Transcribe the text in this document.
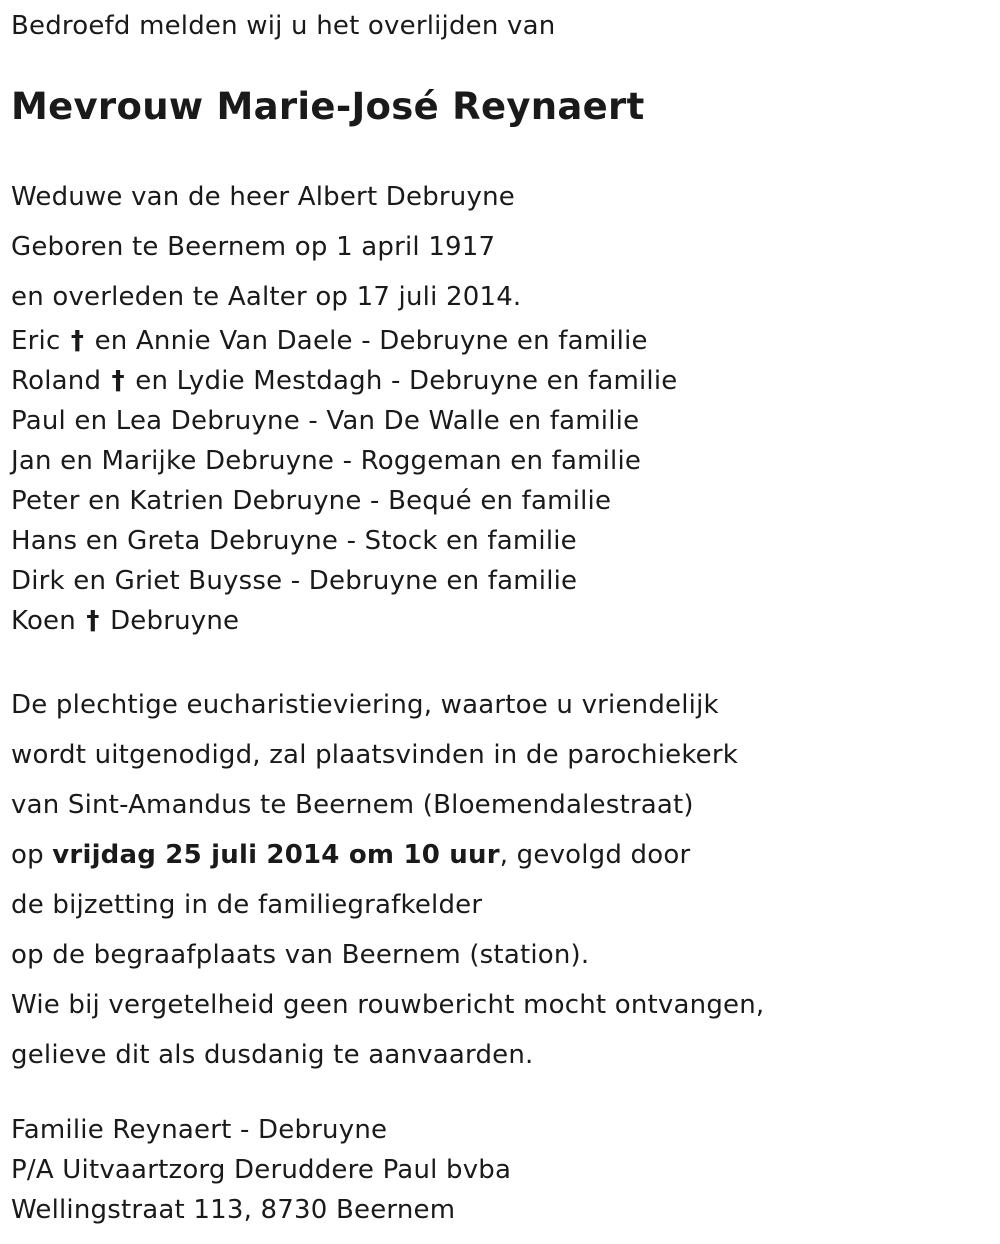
Bedroefd melden wij u het overlijden van
Mevrouw Marie-José Reynaert
Weduwe van de heer Albert Debruyne
Geboren te Beernem op 1 april 1917
en overleden te Aalter op 17 juli 2014.
Eric † en Annie Van Daele - Debruyne en familie
Roland † en Lydie Mestdagh - Debruyne en familie
Paul en Lea Debruyne - Van De Walle en familie
Jan en Marijke Debruyne - Roggeman en familie
Peter en Katrien Debruyne - Bequé en familie
Hans en Greta Debruyne - Stock en familie
Dirk en Griet Buysse - Debruyne en familie
Koen † Debruyne
De plechtige eucharistieviering, waartoe u vriendelijk
wordt uitgenodigd, zal plaatsvinden in de parochiekerk
van Sint-Amandus te Beernem (Bloemendalestraat)
op vrijdag 25 juli 2014 om 10 uur, gevolgd door
de bijzetting in de familiegrafkelder
op de begraafplaats van Beernem (station).
Wie bij vergetelheid geen rouwbericht mocht ontvangen,
gelieve dit als dusdanig te aanvaarden.
Familie Reynaert - Debruyne
P/A Uitvaartzorg Deruddere Paul bvba
Wellingstraat 113, 8730 Beernem
